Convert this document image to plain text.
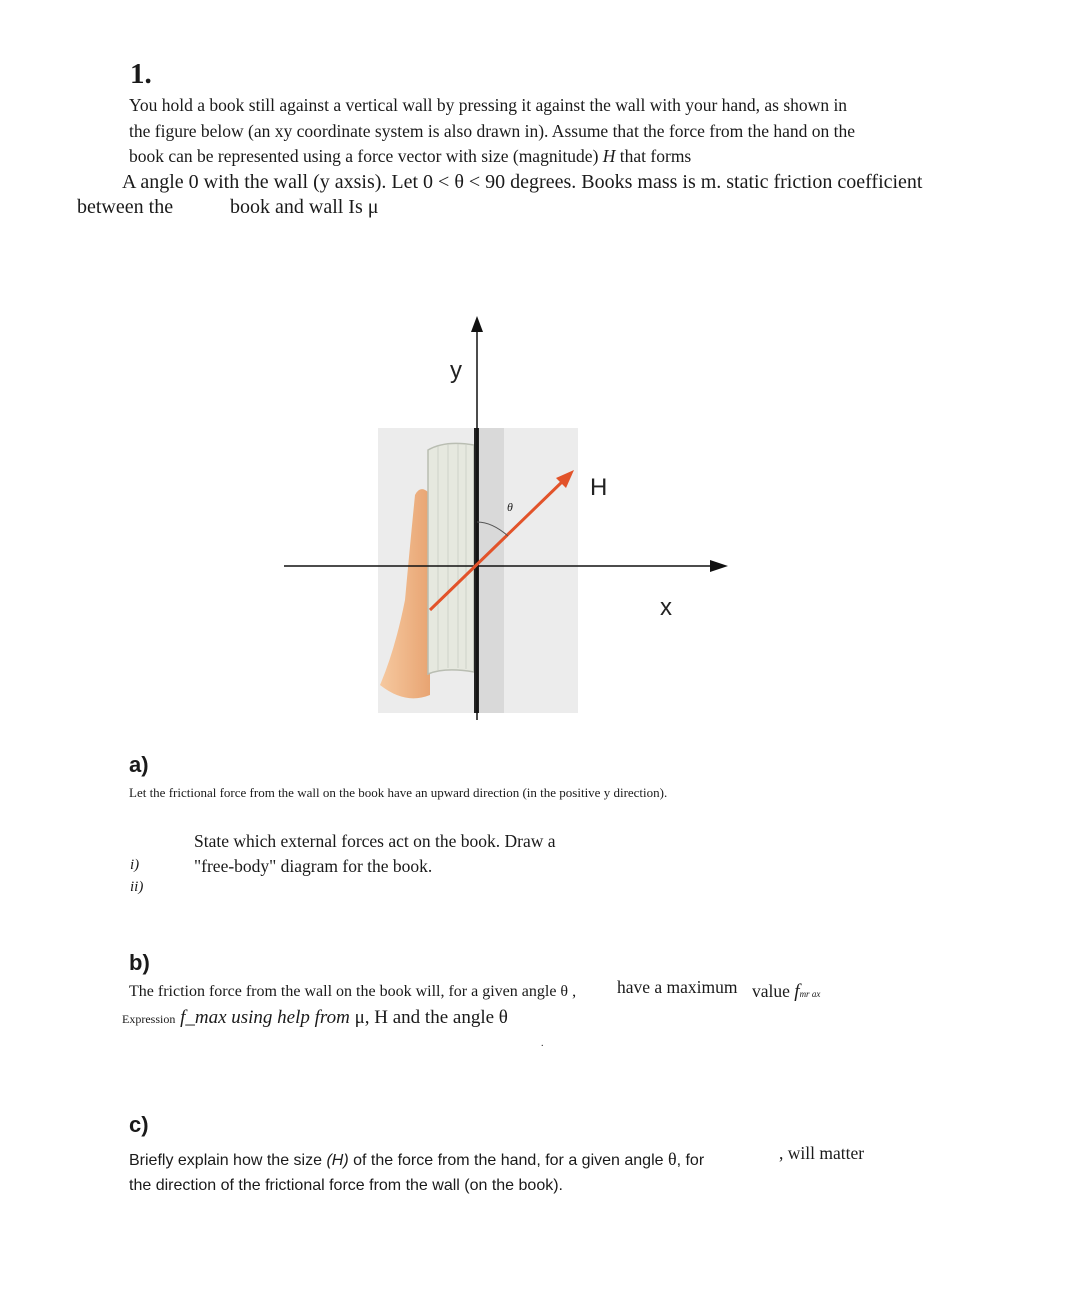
1.
You hold a book still against a vertical wall by pressing it against the wall with your hand, as shown in
the figure below (an xy coordinate system is also drawn in). Assume that the force from the hand on the
book can be represented using a force vector with size (magnitude) H that forms
A angle 0 with the wall (y axsis). Let 0 < θ < 90 degrees. Books mass is m. static friction coefficient
between the	book and wall Is μ
θ
y
H
x
a)
Let the frictional force from the wall on the book have an upward direction (in the positive y direction).
State which external forces act on the book. Draw a
"free-body" diagram for the book.
i)
ii)
b)
The friction force from the wall on the book will, for a given angle θ , have a maximum value fmr ax
Expression f_max using help from μ, H and the angle θ
.
c)
Briefly explain how the size (H) of the force from the hand, for a given angle θ, for	, will matter
the direction of the frictional force from the wall (on the book).
